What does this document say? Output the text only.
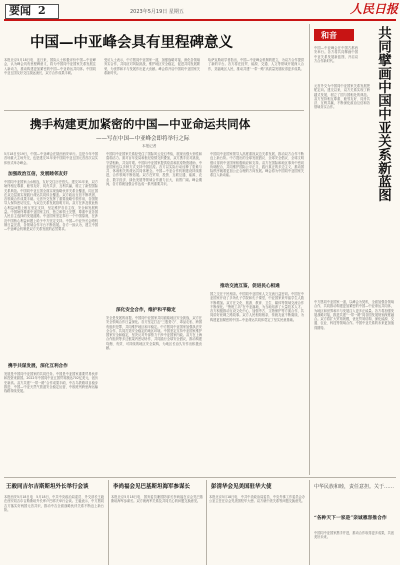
要闻 2	2023年5月19日 星期五	人民日报
中国—中亚峰会具有里程碑意义
本报北京5月18日电　连日来，国际人士积极评价中国—中亚峰会，认为峰会具有里程碑意义，将为中国同中亚国家关系发展注入新动力，推动构建更加紧密的中国—中亚命运共同体。中国同中亚五国友好交往源远流长，双方合作成果丰硕。
受访人士表示，中方愿同中亚国家一道，加强战略对接，深化各领域务实合作，共同应对风险挑战，维护地区安全稳定，促进共同发展繁荣，为世界和平与发展作出更大贡献。峰会将开启中国同中亚国家关系新时代。
哈萨克斯坦学者指出，中国—中亚峰会机制的建立，为双方合作提供了新的平台。各方将在经贸、能源、交通、人文等领域开展深入合作，造福地区人民，推动共建“一带一路”高质量发展取得更多成果。
携手构建更加紧密的中国—中亚命运共同体
——写在中国—中亚峰会即将举行之际
本报记者
5月18日至19日，中国—中亚峰会在陕西西安举行。这是今年中国首场重大主场外交，也是建交31年来中国同中亚五国元首首次以实体形式举办峰会。
加强政治互信，发展睦邻友好
中国同中亚国家山水相连，友好交往历史悠久。建交31年来，双方始终相互尊重、睦邻友好、同舟共济、互利共赢，树立了新型国际关系典范。中国同中亚五国全面实现战略伙伴关系全覆盖，同五国在双边层面实现践行命运共同体全覆盖。双方政治互信不断巩固，各领域合作成果丰硕。元首外交发挥了重要战略引领作用，各国领导人保持密切交往，为双边关系发展指明方向。双方在涉及彼此核心利益问题上相互坚定支持，坚定维护各自主权、安全和发展利益。中国始终尊重中亚国家主权、独立和领土完整，尊重中亚各国人民自主选择的发展道路。中亚国家坚定奉行一个中国原则，在涉及中国核心利益问题上给予中方坚定支持。中国—中亚外长会晤机制日益完善，各领域合作平台不断拓展。各方一致认为，建立中国—中亚峰会机制是双方关系发展的必然要求。
携手共谋发展，深化互利合作
发展是中国同中亚国家的共同任务。中国是中亚国家重要贸易伙伴和投资来源国。2022年中国同中亚五国贸易额达702亿美元，创历史新高。双方共建“一带一路”合作成果丰硕，中吉乌铁路项目稳步推进，中国—中亚天然气管道安全稳定运营，中欧班列跨里海运输线路持续发展。
中国同中亚国家关系经受住了国际风云变幻考验，展现出强大韧性和蓬勃活力。面对百年变局和世纪疫情交织叠加，双方携手应对挑战，守望相助，共克时艰。中国向中亚国家提供疫苗和抗疫物资援助，中亚国家也以多种方式支持中国抗疫。各方以实际行动诠释了患难与共、休戚相关的命运共同体理念。中国—中亚合作机制建设持续推进，合作领域不断拓展。双方在贸易、投资、互联互通、能源、农业、数字经济、绿色发展等领域合作潜力巨大，前景广阔。峰会期间，各方将就加强合作达成一系列重要共识。
深化安全合作，维护和平稳定
安全是发展的前提。中国同中亚国家共同面临地区安全挑战，双方在安全领域合作日益深化。各方坚定打击“三股势力”、毒品走私、跨国有组织犯罪，共同维护地区和平稳定。中方愿同中亚国家加强执法安全合作，共同打造安全稳定的地区环境。中国坚定支持中亚国家维护国家安全和稳定，坚决反对外部势力干涉中亚国家内政。双方在上海合作组织等多边框架内密切协作，共同践行全球安全倡议，推动构建均衡、有效、可持续的地区安全架构，为地区长治久安作出积极贡献。
中国同中亚国家领导人高度重视双边关系发展，推动双方合作不断迈上新台阶。中方提出的全球发展倡议、全球安全倡议、全球文明倡议得到中亚国家积极响应和支持。双方在国际和地区事务中密切协调配合，共同维护国际公平正义，践行真正的多边主义，推动国际秩序朝着更加公正合理的方向发展。峰会将为中国同中亚国家关系注入新动能。
推动交流互鉴，促进民心相通
国之交在于民相亲。中国同中亚国家人文交流日益密切。中国在中亚国家开设了多所孔子学院和孔子课堂，中亚国家来华留学生人数不断增加。双方在文化、旅游、教育、卫生、媒体等领域交流合作不断深化。“鲁班工坊”在中亚落地，为当地培养了大量技术人才。各方积极推动互设文化中心，加强考古、文物保护等方面合作，共同讲好丝绸之路故事。双方人民相知相亲，传统友谊不断赓续，为构建更加紧密的中国—中亚命运共同体奠定了坚实民意基础。
和音
中国—中亚峰会在中国古都西安举行。各方将共同擘画中国中亚关系发展新蓝图，开启双方合作新时代。	共同擘画中国中亚关系新蓝图
元首外交为中国同中亚国家关系发展把舵定向。建交以来，双方关系实现了跨越式发展，树立了国与国相处的典范。双方坚持相互尊重、睦邻友好、同舟共济、互利共赢，不断深化政治互信和各领域务实合作。
中方愿同中亚国家一道，以峰会为契机，全面加强各领域合作，共同推动构建更加紧密的中国—中亚命运共同体，为地区和世界和平与发展注入更多正能量。各方将加强发展战略对接，推进共建“一带一路”同各国发展规划深度融合。双方将扩大贸易规模，优化贸易结构，深化能源、交通、农业、科技等领域合作。中国中亚关系的未来更加值得期待。
王毅同吉尔吉斯斯坦外长举行会谈
本报西安5月18日电　5月18日，中共中央政治局委员、外交部长王毅在西安同吉尔吉斯斯坦外长库卢巴耶夫举行会谈。王毅表示，中方愿同吉方落实好两国元首共识，推动中吉全面战略伙伴关系不断迈上新台阶。
李尚福会见巴基斯坦海军参谋长
本报北京5月18日电　国务委员兼国防部长李尚福在京会见巴基斯坦海军参谋长。双方就两军关系及共同关心的问题交换意见。
彭清华会见美国驻华大使
本报北京5月18日电　中共中央政治局委员、中央外事工作委员会办公室主任在京会见美国驻华大使。双方就中美关系等问题交换意见。
中华民族和睦，责任意担。关于……
“各种天下一家是”亲诚惠容推合作
中国同中亚国家携手并进，推动合作取得更多成果，共创美好未来。
